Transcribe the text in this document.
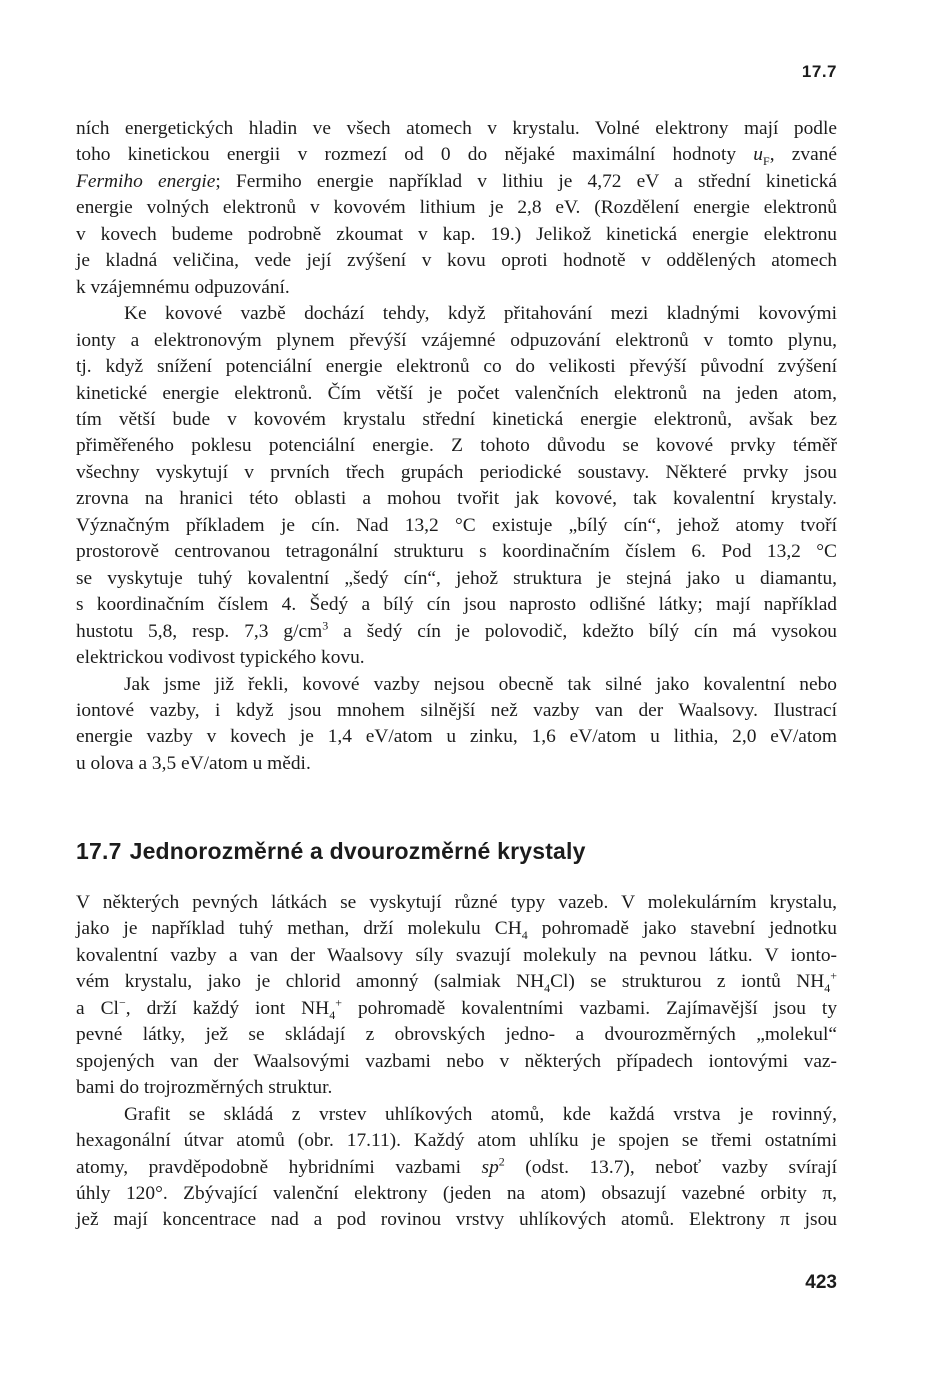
17.7

ních energetických hladin ve všech atomech v krystalu. Volné elektrony mají podle
toho kinetickou energii v rozmezí od 0 do nějaké maximální hodnoty $u_F$, zvané
Fermiho energie; Fermiho energie například v lithiu je 4,72 eV a střední kinetická
energie volných elektronů v kovovém lithium je 2,8 eV. (Rozdělení energie elektronů
v kovech budeme podrobně zkoumat v kap. 19.) Jelikož kinetická energie elektronu
je kladná veličina, vede její zvýšení v kovu oproti hodnotě v oddělených atomech
k vzájemnému odpuzování.

Ke kovové vazbě dochází tehdy, když přitahování mezi kladnými kovovými
ionty a elektronovým plynem převýší vzájemné odpuzování elektronů v tomto plynu,
tj. když snížení potenciální energie elektronů co do velikosti převýší původní zvýšení
kinetické energie elektronů. Čím větší je počet valenčních elektronů na jeden atom,
tím větší bude v kovovém krystalu střední kinetická energie elektronů, avšak bez
přiměřeného poklesu potenciální energie. Z tohoto důvodu se kovové prvky téměř
všechny vyskytují v prvních třech grupách periodické soustavy. Některé prvky jsou
zrovna na hranici této oblasti a mohou tvořit jak kovové, tak kovalentní krystaly.
Význačným příkladem je cín. Nad 13,2 °C existuje „bílý cín“, jehož atomy tvoří
prostorově centrovanou tetragonální strukturu s koordinačním číslem 6. Pod 13,2 °C
se vyskytuje tuhý kovalentní „šedý cín“, jehož struktura je stejná jako u diamantu,
s koordinačním číslem 4. Šedý a bílý cín jsou naprosto odlišné látky; mají například
hustotu 5,8, resp. 7,3 $g/cm^3$ a šedý cín je polovodič, kdežto bílý cín má vysokou
elektrickou vodivost typického kovu.

Jak jsme již řekli, kovové vazby nejsou obecně tak silné jako kovalentní nebo
iontové vazby, i když jsou mnohem silnější než vazby van der Waalsovy. Ilustrací
energie vazby v kovech je 1,4 eV/atom u zinku, 1,6 eV/atom u lithia, 2,0 eV/atom
u olova a 3,5 eV/atom u mědi.

17.7 Jednorozměrné a dvourozměrné krystaly

V některých pevných látkách se vyskytují různé typy vazeb. V molekulárním krystalu,
jako je například tuhý methan, drží molekulu $CH_4$ pohromadě jako stavební jednotku
kovalentní vazby a van der Waalsovy síly svazují molekuly na pevnou látku. V ionto-
vém krystalu, jako je chlorid amonný (salmiak $NH_4Cl$) se strukturou z iontů $NH_4^+$
a Cl−, drží každý iont $NH_4^+$ pohromadě kovalentními vazbami. Zajímavější jsou ty
pevné látky, jež se skládají z obrovských jedno- a dvourozměrných „molekul“
spojených van der Waalsovými vazbami nebo v některých případech iontovými vaz-
bami do trojrozměrných struktur.

Grafit se skládá z vrstev uhlíkových atomů, kde každá vrstva je rovinný,
hexagonální útvar atomů (obr. 17.11). Každý atom uhlíku je spojen se třemi ostatními
atomy, pravděpodobně hybridními vazbami $sp^2$ (odst. 13.7), neboť vazby svírají
úhly 120°. Zbývající valenční elektrony (jeden na atom) obsazují vazebné orbity π,
jež mají koncentrace nad a pod rovinou vrstvy uhlíkových atomů. Elektrony π jsou

423
